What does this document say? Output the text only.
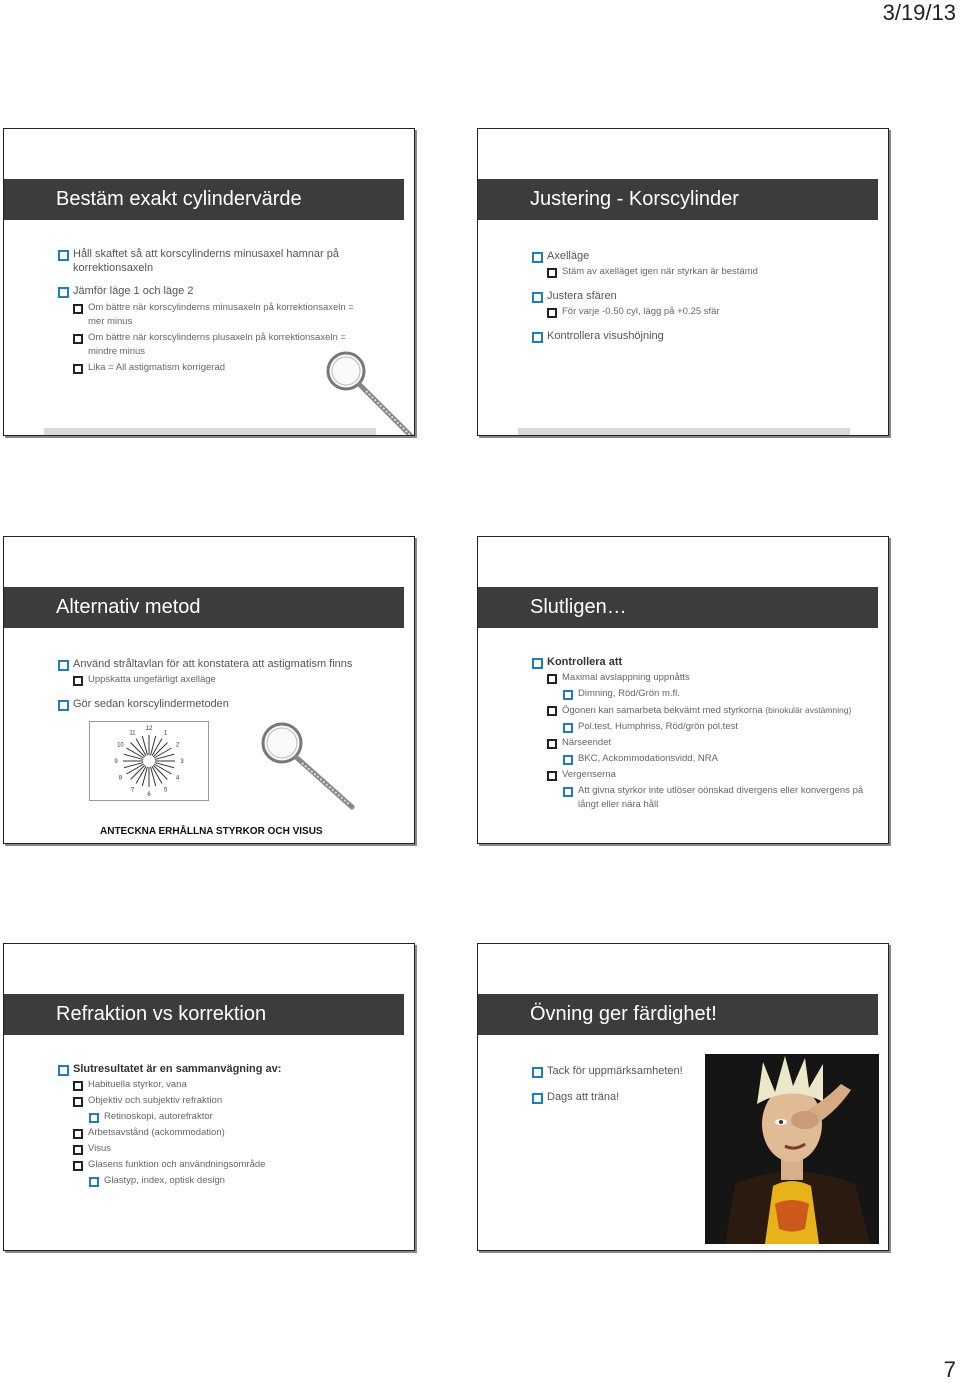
3/19/13
Bestäm exakt cylindervärde
Håll skaftet så att korscylinderns minusaxel hamnar på korrektionsaxeln
Jämför läge 1 och läge 2
Om bättre när korscylinderns minusaxeln på korrektionsaxeln = mer minus
Om bättre när korscylinderns plusaxeln på korrektionsaxeln = mindre minus
Lika = All astigmatism korrigerad
Justering - Korscylinder
Axelläge
Stäm av axelläget igen när styrkan är bestämd
Justera sfären
För varje -0.50 cyl, lägg på +0.25 sfär
Kontrollera visushöjning
Alternativ metod
Använd stråltavlan för att konstatera att astigmatism finns
Uppskatta ungefärligt axelläge
Gör sedan korscylindermetoden
12
1
2
3
4
5
6
7
8
9
10
11
ANTECKNA ERHÅLLNA STYRKOR OCH VISUS
Slutligen…
Kontrollera att
Maximal avslappning uppnåtts
Dimning, Röd/Grön m.fl.
Ögonen kan samarbeta bekvämt med styrkorna (binokulär avstämning)
Pol.test, Humphriss, Röd/grön pol.test
Närseendet
BKC, Ackommodationsvidd, NRA
Vergenserna
Att givna styrkor inte utlöser oönskad divergens eller konvergens på långt eller nära håll
Refraktion vs korrektion
Slutresultatet är en sammanvägning av:
Habituella styrkor, vana
Objektiv och subjektiv refraktion
Retinoskopi, autorefraktor
Arbetsavstånd (ackommodation)
Visus
Glasens funktion och användningsområde
Glastyp, index, optisk design
Övning ger färdighet!
Tack för uppmärksamheten!
Dags att träna!
7
